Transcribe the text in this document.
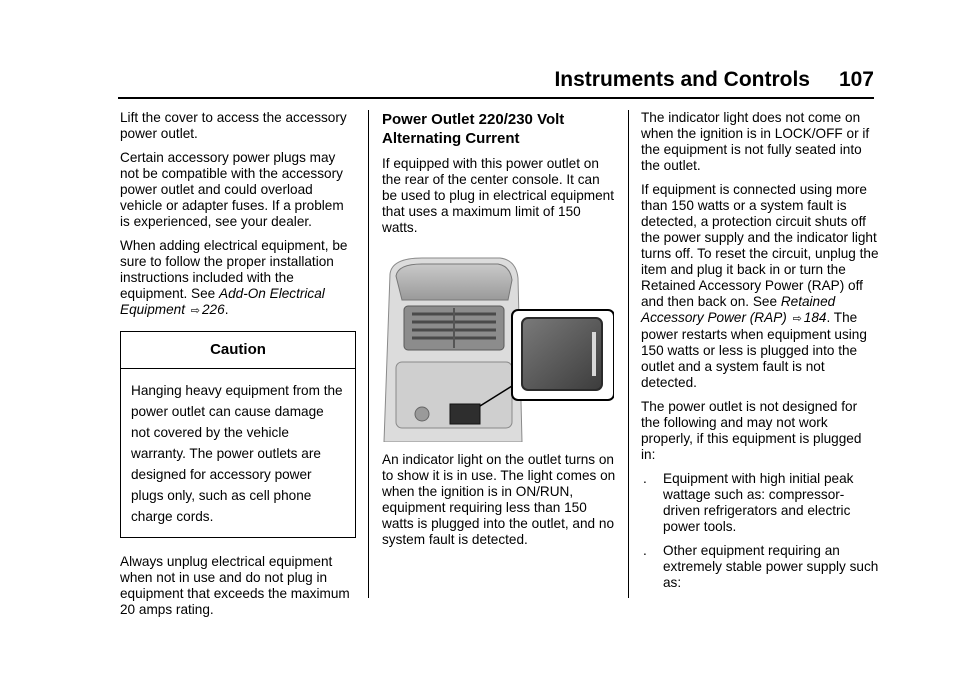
Instruments and Controls 107

Lift the cover to access the accessory power outlet.

Certain accessory power plugs may not be compatible with the accessory power outlet and could overload vehicle or adapter fuses. If a problem is experienced, see your dealer.

When adding electrical equipment, be sure to follow the proper installation instructions included with the equipment. See Add-On Electrical Equipment ⇨ 226.

Caution
Hanging heavy equipment from the power outlet can cause damage not covered by the vehicle warranty. The power outlets are designed for accessory power plugs only, such as cell phone charge cords.

Always unplug electrical equipment when not in use and do not plug in equipment that exceeds the maximum 20 amps rating.

Power Outlet 220/230 Volt Alternating Current

If equipped with this power outlet on the rear of the center console. It can be used to plug in electrical equipment that uses a maximum limit of 150 watts.

An indicator light on the outlet turns on to show it is in use. The light comes on when the ignition is in ON/RUN, equipment requiring less than 150 watts is plugged into the outlet, and no system fault is detected.

The indicator light does not come on when the ignition is in LOCK/OFF or if the equipment is not fully seated into the outlet.

If equipment is connected using more than 150 watts or a system fault is detected, a protection circuit shuts off the power supply and the indicator light turns off. To reset the circuit, unplug the item and plug it back in or turn the Retained Accessory Power (RAP) off and then back on. See Retained Accessory Power (RAP) ⇨ 184. The power restarts when equipment using 150 watts or less is plugged into the outlet and a system fault is not detected.

The power outlet is not designed for the following and may not work properly, if this equipment is plugged in:

. Equipment with high initial peak wattage such as: compressor-driven refrigerators and electric power tools.
. Other equipment requiring an extremely stable power supply such as:
